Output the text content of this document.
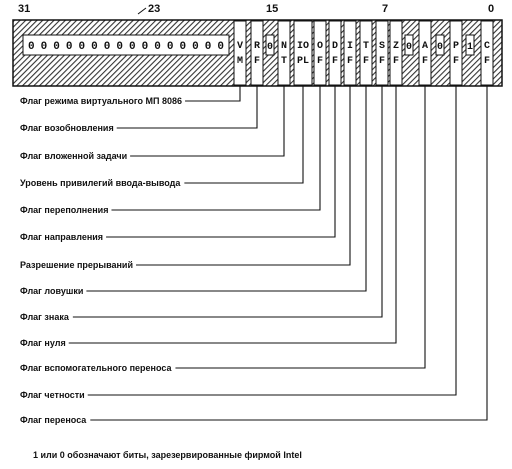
31	23	15	7	0
0000000000000000 V
M
R
F
0 N
T
IO
PL
O
F
D
F
I
F
T
F
S
F
Z
F
0 A
F
0 P
F
1 C
F
Флаг режима виртуального МП 8086
Флаг возобновления
Флаг вложенной задачи
Уровень привилегий ввода-вывода
Флаг переполнения
Флаг направления
Разрешение прерываний
Флаг ловушки
Флаг знака
Флаг нуля
Флаг вспомогательного переноса
Флаг четности
Флаг переноса
1 или 0 обозначают биты, зарезервированные фирмой Intel
